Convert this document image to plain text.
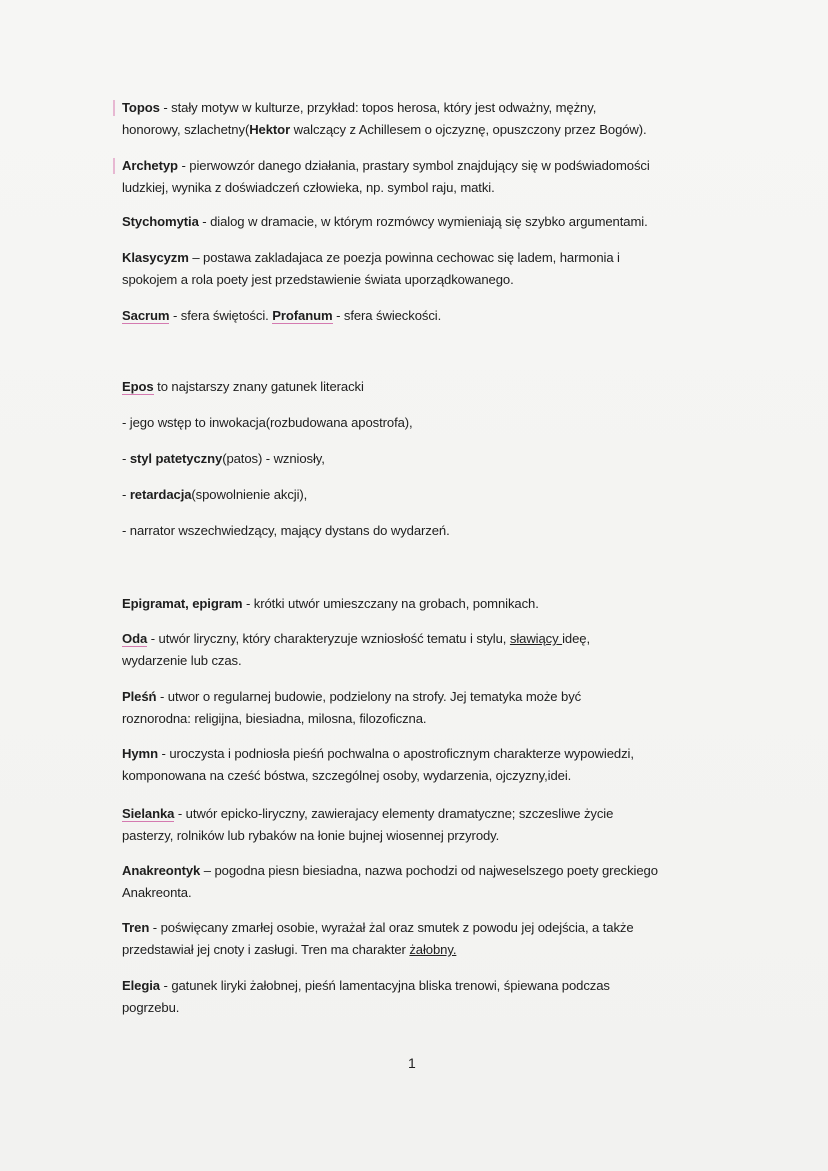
Topos - stały motyw w kulturze, przykład: topos herosa, który jest odważny, mężny,

honorowy, szlachetny(Hektor walczący z Achillesem o ojczyznę, opuszczony przez Bogów).

Archetyp - pierwowzór danego działania, prastary symbol znajdujący się w podświadomości

ludzkiej, wynika z doświadczeń człowieka, np. symbol raju, matki.

Stychomytia - dialog w dramacie, w którym rozmówcy wymieniają się szybko argumentami.

Klasycyzm – postawa zakladajaca ze poezja powinna cechowac się ladem, harmonia i

spokojem a rola poety jest przedstawienie świata uporządkowanego.

Sacrum - sfera świętości. Profanum - sfera świeckości.

Epos to najstarszy znany gatunek literacki

- jego wstęp to inwokacja(rozbudowana apostrofa),

- styl patetyczny(patos) - wzniosły,

- retardacja(spowolnienie akcji),

- narrator wszechwiedzący, mający dystans do wydarzeń.

Epigramat, epigram - krótki utwór umieszczany na grobach, pomnikach.

Oda - utwór liryczny, który charakteryzuje wzniosłość tematu i stylu, sławiący ideę,

wydarzenie lub czas.

Pleśń - utwor o regularnej budowie, podzielony na strofy. Jej tematyka może być

roznorodna: religijna, biesiadna, milosna, filozoficzna.

Hymn - uroczysta i podniosła pieśń pochwalna o apostroficznym charakterze wypowiedzi,

komponowana na cześć bóstwa, szczególnej osoby, wydarzenia, ojczyzny,idei.

Sielanka - utwór epicko-liryczny, zawierajacy elementy dramatyczne; szczesliwe życie

pasterzy, rolników lub rybaków na łonie bujnej wiosennej przyrody.

Anakreontyk – pogodna piesn biesiadna, nazwa pochodzi od najweselszego poety greckiego

Anakreonta.

Tren - poświęcany zmarłej osobie, wyrażał żal oraz smutek z powodu jej odejścia, a także

przedstawiał jej cnoty i zasługi. Tren ma charakter żałobny.

Elegia - gatunek liryki żałobnej, pieśń lamentacyjna bliska trenowi, śpiewana podczas

pogrzebu.

1
